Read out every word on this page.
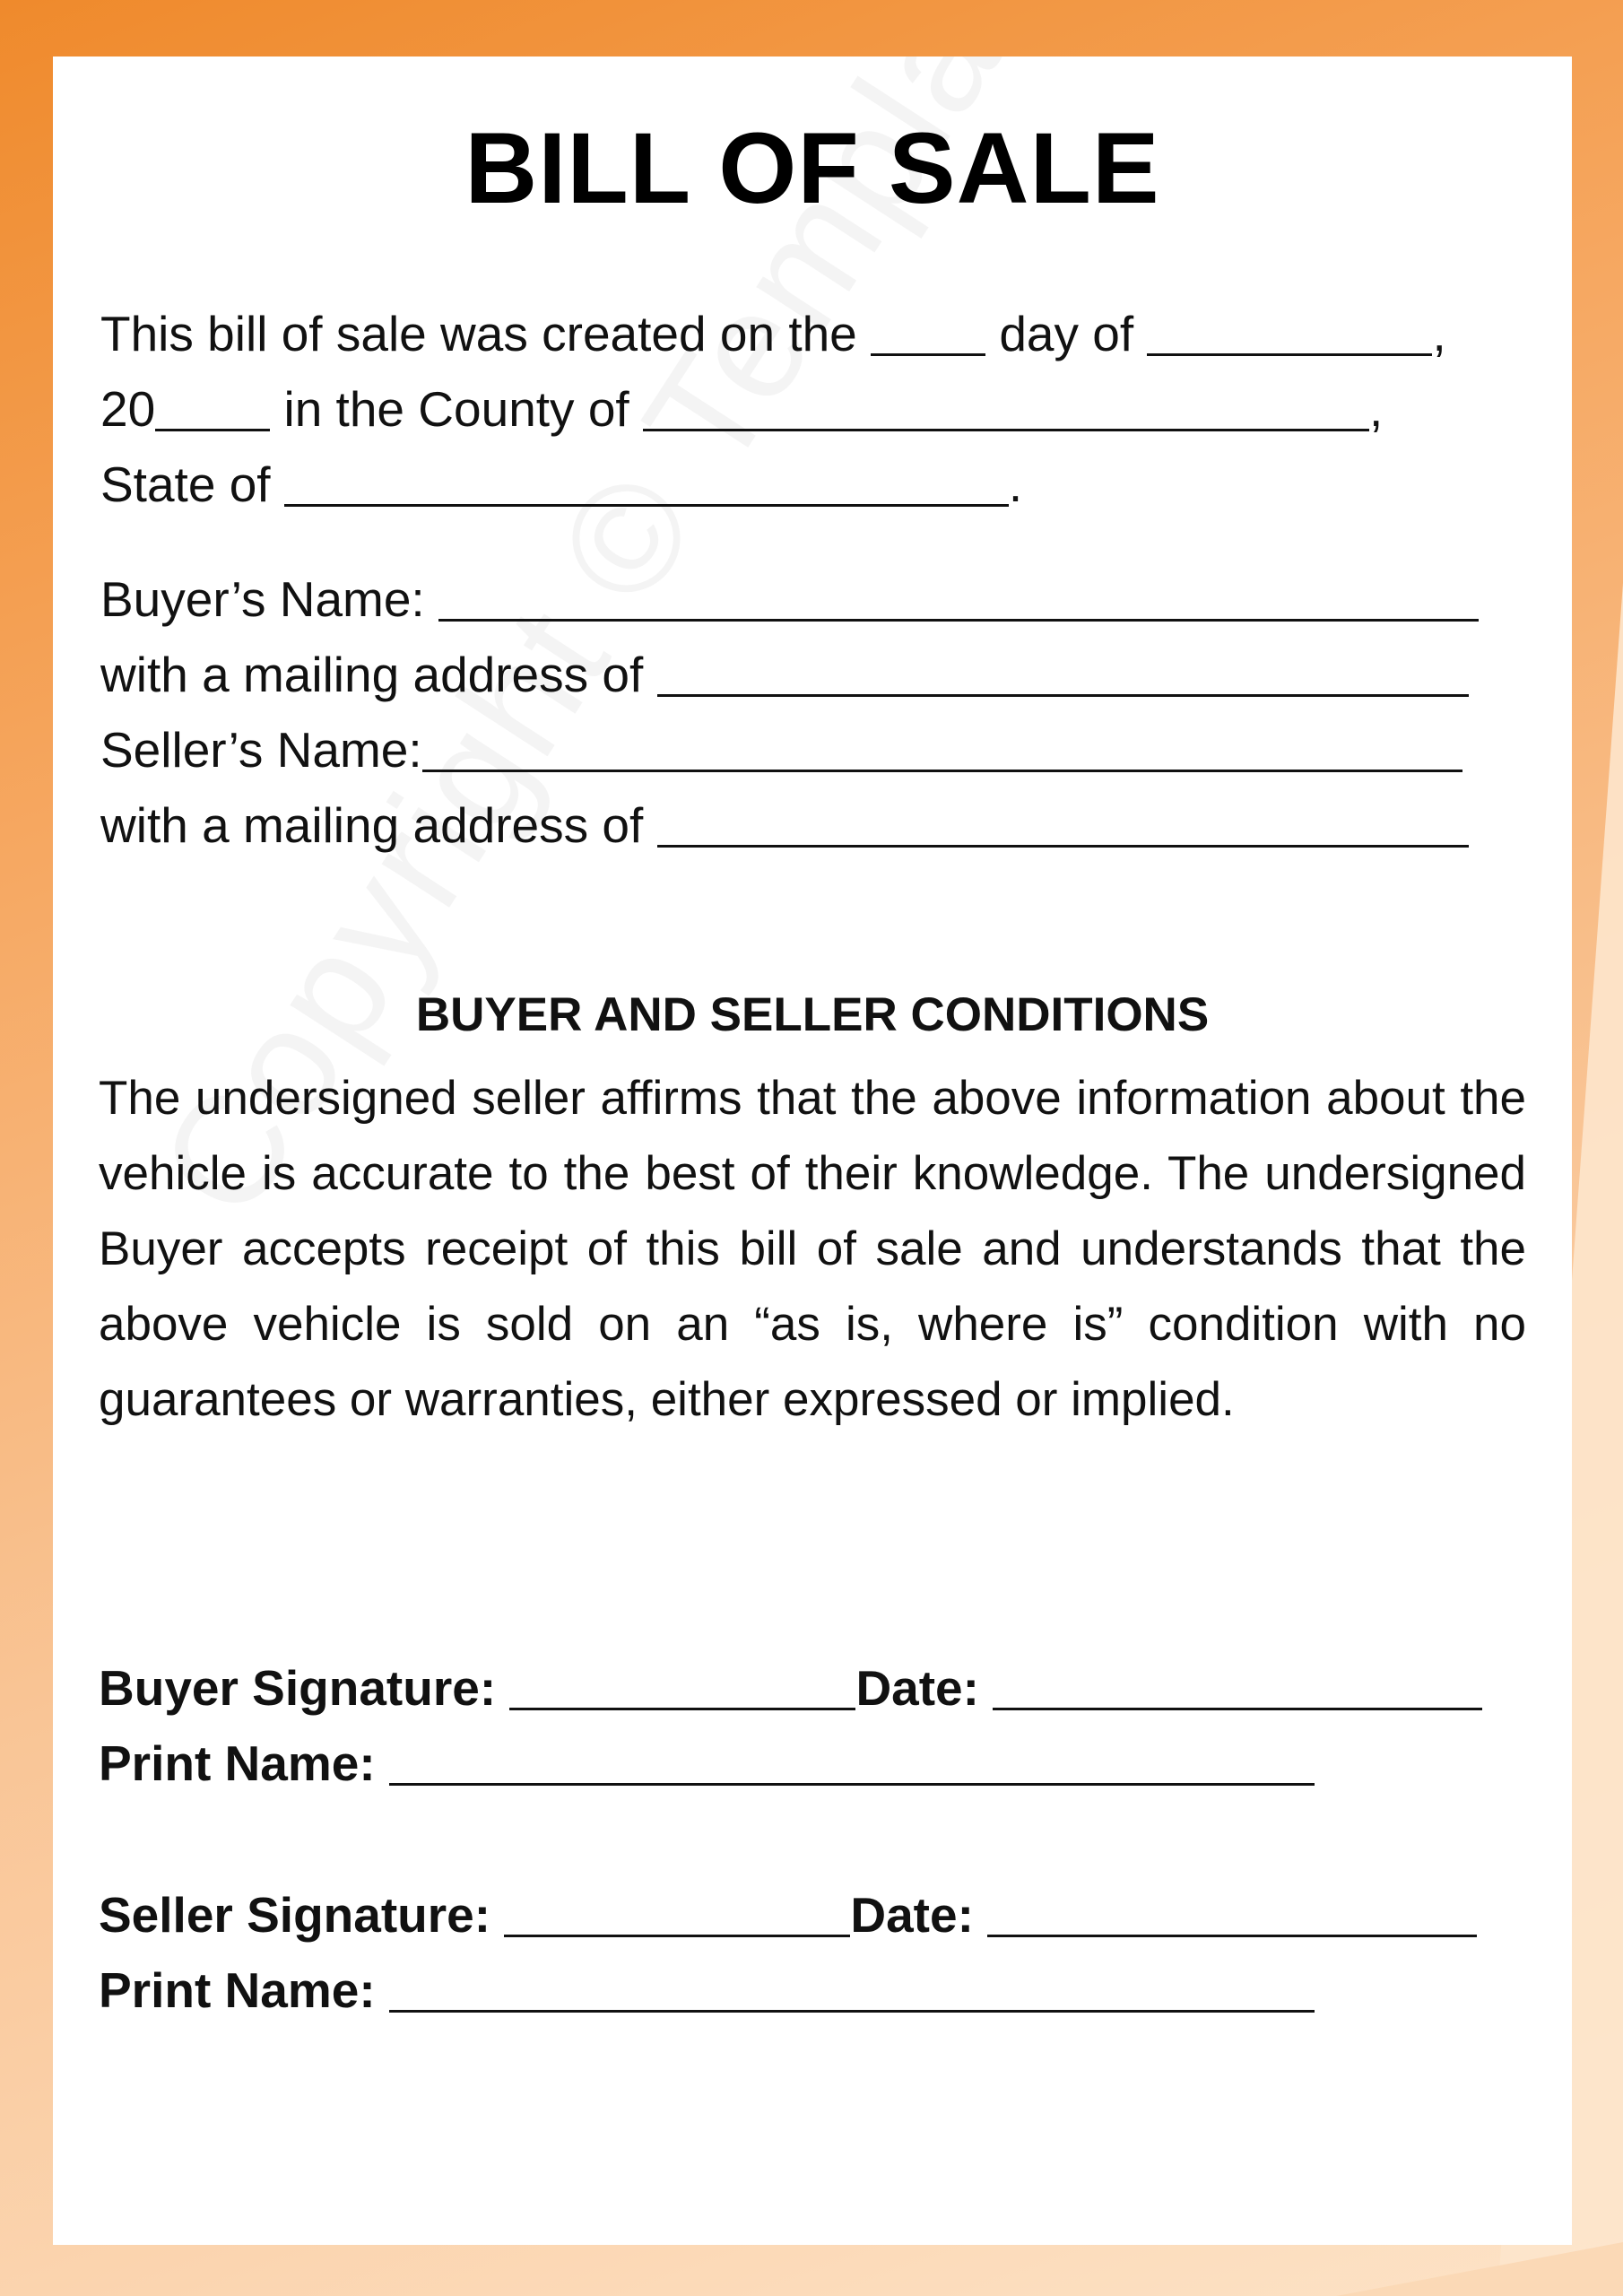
BILL OF SALE
This bill of sale was created on the  day of	,
20 in the County of	,
State of	.
Buyer’s Name:
with a mailing address of
Seller’s Name:
with a mailing address of
BUYER AND SELLER CONDITIONS
The undersigned seller affirms that the above information about the vehicle is accurate to the best of their knowledge. The undersigned Buyer accepts receipt of this bill of sale and understands that the above vehicle is sold on an “as is, where is” condition with no guarantees or warranties, either expressed or implied.
Buyer Signature:	Date:
Print Name:
Seller Signature:	Date:
Print Name:
